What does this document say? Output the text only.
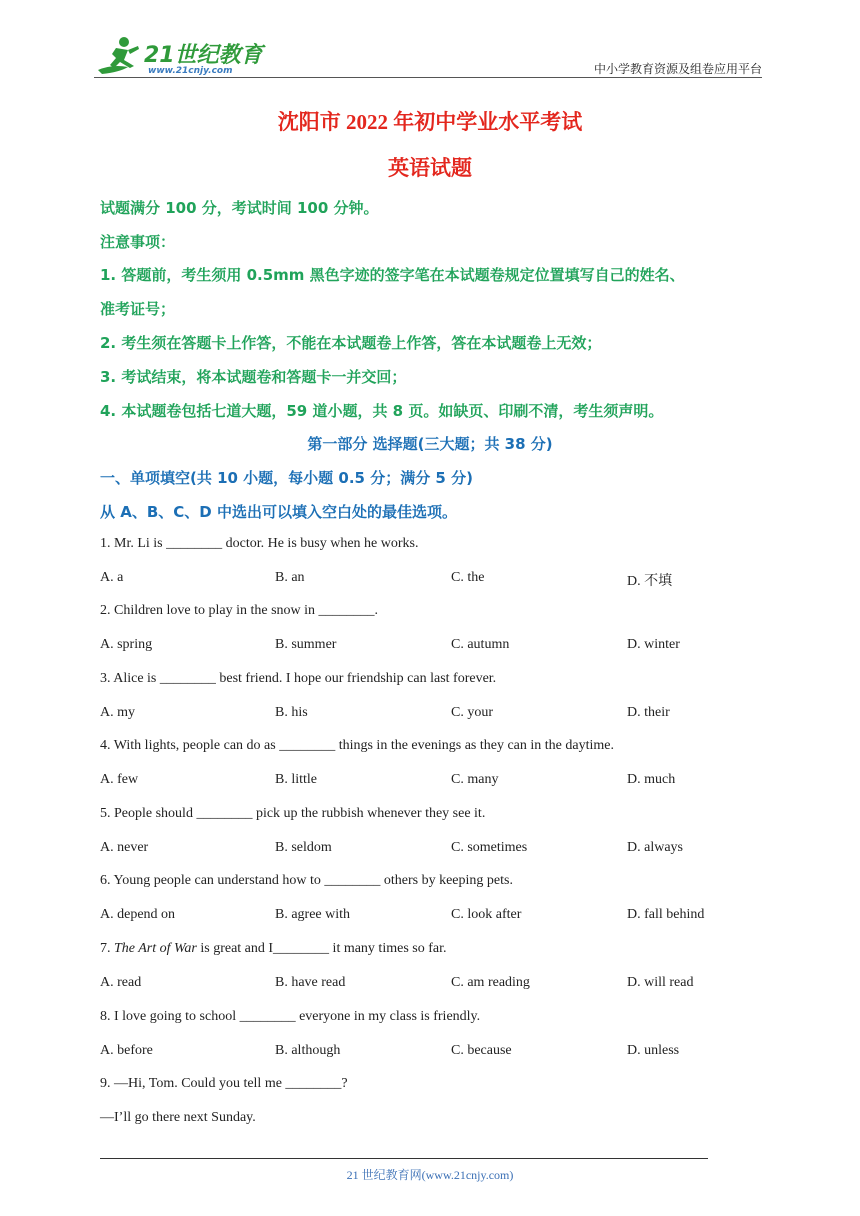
21世纪教育
www.21cnjy.com	中小学教育资源及组卷应用平台
沈阳市 2022 年初中学业水平考试
英语试题
试题满分 100 分，考试时间 100 分钟。
注意事项：
1. 答题前，考生须用 0.5mm 黑色字迹的签字笔在本试题卷规定位置填写自己的姓名、
准考证号；
2. 考生须在答题卡上作答，不能在本试题卷上作答，答在本试题卷上无效；
3. 考试结束，将本试题卷和答题卡一并交回；
4. 本试题卷包括七道大题，59 道小题，共 8 页。如缺页、印刷不清，考生须声明。
第一部分 选择题(三大题；共 38 分)
一、单项填空(共 10 小题，每小题 0.5 分；满分 5 分)
从 A、B、C、D 中选出可以填入空白处的最佳选项。
1. Mr. Li is ________ doctor. He is busy when he works.
A. a	B. an	C. the	D. 不填
2. Children love to play in the snow in ________.
A. spring	B. summer	C. autumn	D. winter
3. Alice is ________ best friend. I hope our friendship can last forever.
A. my	B. his	C. your	D. their
4. With lights, people can do as ________ things in the evenings as they can in the daytime.
A. few	B. little	C. many	D. much
5. People should ________ pick up the rubbish whenever they see it.
A. never	B. seldom	C. sometimes	D. always
6. Young people can understand how to ________ others by keeping pets.
A. depend on	B. agree with	C. look after	D. fall behind
7. The Art of War is great and I________ it many times so far.
A. read	B. have read	C. am reading	D. will read
8. I love going to school ________ everyone in my class is friendly.
A. before	B. although	C. because	D. unless
9. —Hi, Tom. Could you tell me ________?
—I’ll go there next Sunday.
21 世纪教育网(www.21cnjy.com)
